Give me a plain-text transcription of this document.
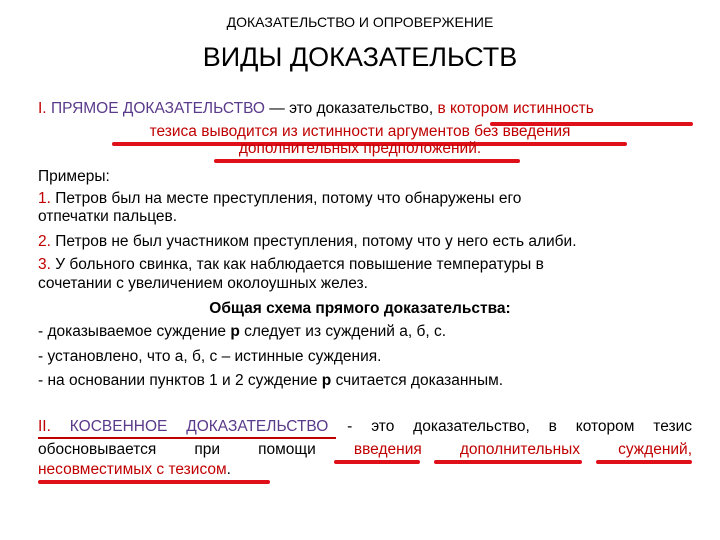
ДОКАЗАТЕЛЬСТВО И ОПРОВЕРЖЕНИЕ
ВИДЫ ДОКАЗАТЕЛЬСТВ
I. ПРЯМОЕ ДОКАЗАТЕЛЬСТВО — это доказательство, в котором истинность
тезиса выводится из истинности аргументов без введения
дополнительных предположений.
Примеры:
1. Петров был на месте преступления, потому что обнаружены его
отпечатки пальцев.
2. Петров не был участником преступления, потому что у него есть алиби.
3. У больного свинка, так как наблюдается повышение температуры в
сочетании с увеличением околоушных желез.
Общая схема прямого доказательства:
- доказываемое суждение р следует из суждений а, б, с.
- установлено, что а, б, с – истинные суждения.
- на основании пунктов 1 и 2 суждение р считается доказанным.
II. КОСВЕННОЕ ДОКАЗАТЕЛЬСТВО - это доказательство, в котором тезис
обосновывается при помощи введения дополнительных суждений,
несовместимых с тезисом.
